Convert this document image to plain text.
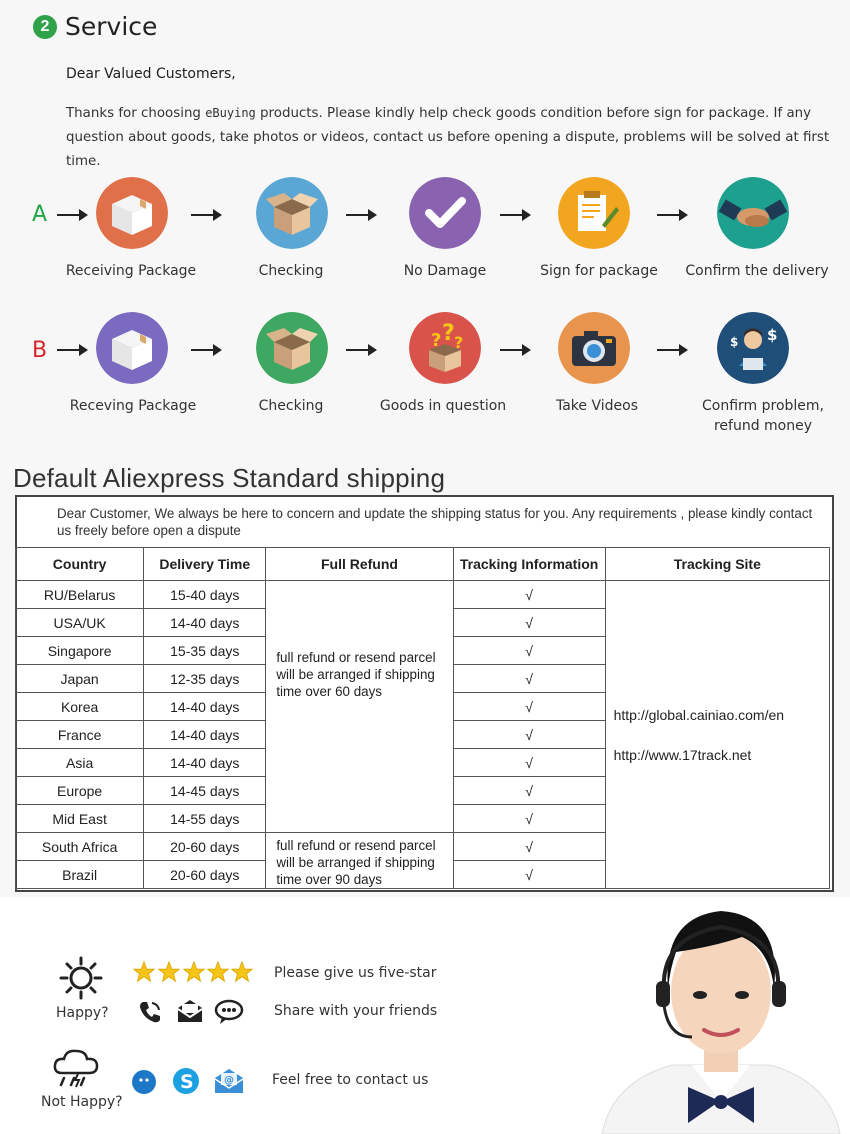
2 Service
Dear Valued Customers,
Thanks for choosing eBuying products. Please kindly help check goods condition before sign for package. If any question about goods, take photos or videos, contact us before opening a dispute, problems will be solved at first time.
A
Receiving Package	Checking	No Damage	Sign for package	Confirm the delivery
B
Receving Package	Checking
? ? ?
Goods in question	Take Videos
$ $
Confirm problem,
refund money
Default Aliexpress Standard shipping
Dear Customer, We always be here to concern and update the shipping status for you. Any requirements , please kindly contact us freely before open a dispute
Country	Delivery Time	Full Refund	Tracking Information	Tracking Site
RU/Belarus	15-40 days	full refund or resend parcel will be arranged if shipping time over 60 days	√	http://global.cainiao.com/en
http://www.17track.net

USA/UK	14-40 days		√	
Singapore	15-35 days		√	
Japan	12-35 days		√	
Korea	14-40 days		√	
France	14-40 days		√	
Asia	14-40 days		√	
Europe	14-45 days		√	
Mid East	14-55 days		√	
South Africa	20-60 days	full refund or resend parcel will be arranged if shipping time over 90 days	√	
Brazil	20-60 days		√	
Happy?
Please give us five-star
Share with your friends
Not Happy?
S	@	Feel free to contact us
